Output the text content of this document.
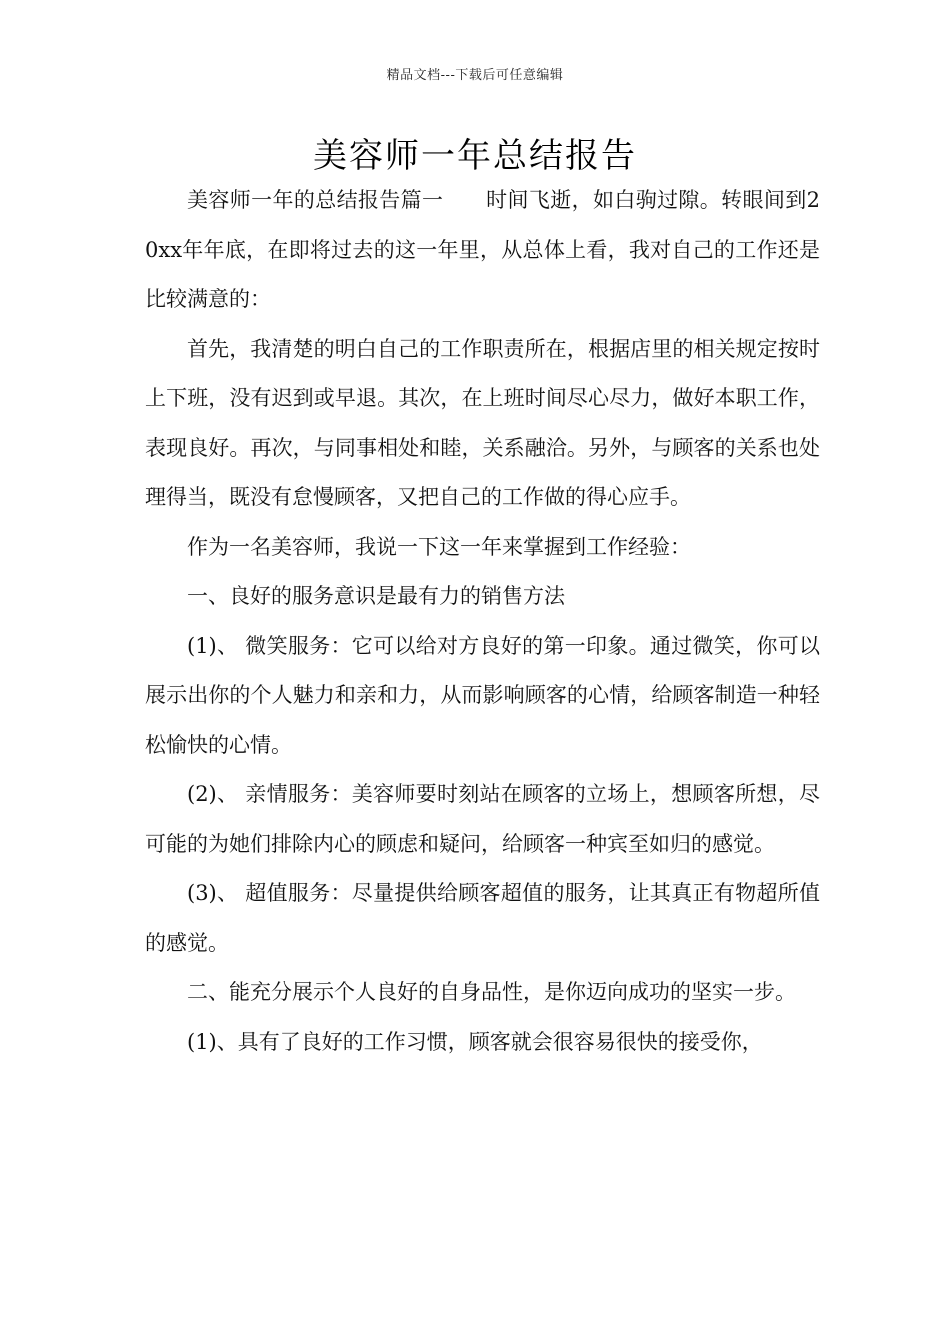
精品文档---下载后可任意编辑
美容师一年总结报告

美容师一年的总结报告篇一　　时间飞逝，如白驹过隙。转眼间到20xx年年底，在即将过去的这一年里，从总体上看，我对自己的工作还是比较满意的：

首先，我清楚的明白自己的工作职责所在，根据店里的相关规定按时上下班，没有迟到或早退。其次，在上班时间尽心尽力，做好本职工作，表现良好。再次，与同事相处和睦，关系融洽。另外，与顾客的关系也处理得当，既没有怠慢顾客，又把自己的工作做的得心应手。

作为一名美容师，我说一下这一年来掌握到工作经验：

一、良好的服务意识是最有力的销售方法

(1)、 微笑服务：它可以给对方良好的第一印象。通过微笑，你可以展示出你的个人魅力和亲和力，从而影响顾客的心情，给顾客制造一种轻松愉快的心情。

(2)、 亲情服务：美容师要时刻站在顾客的立场上，想顾客所想，尽可能的为她们排除内心的顾虑和疑问，给顾客一种宾至如归的感觉。

(3)、 超值服务：尽量提供给顾客超值的服务，让其真正有物超所值的感觉。

二、能充分展示个人良好的自身品性，是你迈向成功的坚实一步。

(1)、具有了良好的工作习惯，顾客就会很容易很快的接受你，
